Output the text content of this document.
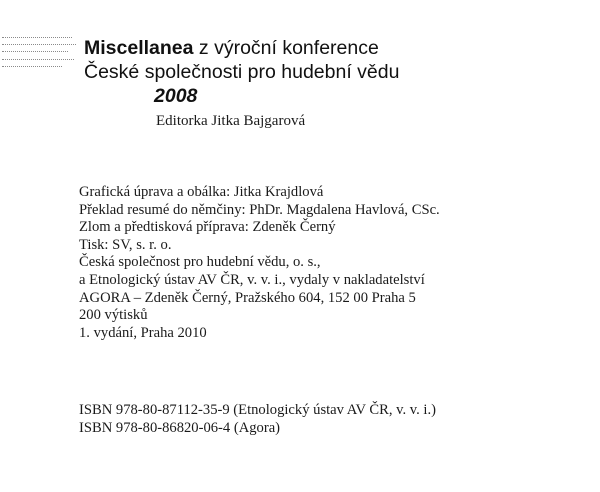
Miscellanea z výroční konference
České společnosti pro hudební vědu
2008
Editorka Jitka Bajgarová
Grafická úprava a obálka: Jitka Krajdlová
Překlad resumé do němčiny: PhDr. Magdalena Havlová, CSc.
Zlom a předtisková příprava: Zdeněk Černý
Tisk: SV, s. r. o.
Česká společnost pro hudební vědu, o. s.,
a Etnologický ústav AV ČR, v. v. i., vydaly v nakladatelství
AGORA – Zdeněk Černý, Pražského 604, 152 00 Praha 5
200 výtisků
1. vydání, Praha 2010
ISBN 978-80-87112-35-9 (Etnologický ústav AV ČR, v. v. i.)
ISBN 978-80-86820-06-4 (Agora)
